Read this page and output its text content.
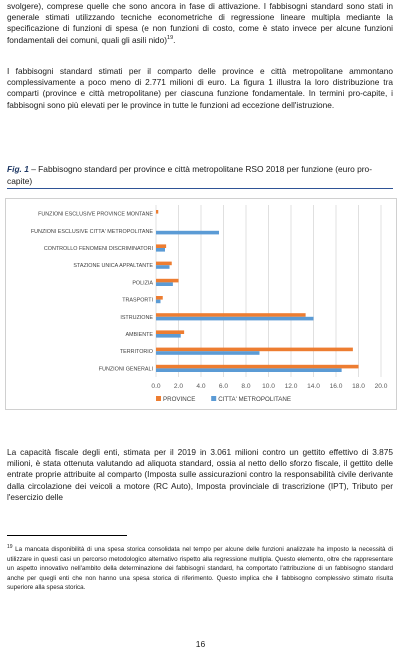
svolgere), comprese quelle che sono ancora in fase di attivazione. I fabbisogni standard sono stati in generale stimati utilizzando tecniche econometriche di regressione lineare multipla mediante la specificazione di funzioni di spesa (e non funzioni di costo, come è stato invece per alcune funzioni fondamentali dei comuni, quali gli asili nido)$^{19}$.

I fabbisogni standard stimati per il comparto delle province e città metropolitane ammontano complessivamente a poco meno di 2.771 milioni di euro. La figura 1 illustra la loro distribuzione tra comparti (province e città metropolitane) per ciascuna funzione fondamentale. In termini pro-capite, i fabbisogni sono più elevati per le province in tutte le funzioni ad eccezione dell'istruzione.

Fig. 1 – Fabbisogno standard per province e città metropolitane RSO 2018 per funzione (euro pro-capite)

0.0 2.0 4.0 6.0 8.0 10.0 12.0 14.0 16.0 18.0 20.0
FUNZIONI ESCLUSIVE PROVINCE MONTANE
FUNZIONI ESCLUSIVE CITTA' METROPOLITANE
CONTROLLO FENOMENI DISCRIMINATORI
STAZIONE UNICA APPALTANTE
POLIZIA
TRASPORTI
ISTRUZIONE
AMBIENTE
TERRITORIO
FUNZIONI GENERALI
PROVINCE	CITTA' METROPOLITANE

La capacità fiscale degli enti, stimata per il 2019 in 3.061 milioni contro un gettito effettivo di 3.875 milioni, è stata ottenuta valutando ad aliquota standard, ossia al netto dello sforzo fiscale, il gettito delle entrate proprie attribuite al comparto (Imposta sulle assicurazioni contro la responsabilità civile derivante dalla circolazione dei veicoli a motore (RC Auto), Imposta provinciale di trascrizione (IPT), Tributo per l'esercizio delle

$^{19}$ La mancata disponibilità di una spesa storica consolidata nel tempo per alcune delle funzioni analizzate ha imposto la necessità di utilizzare in questi casi un percorso metodologico alternativo rispetto alla regressione multipla. Questo elemento, oltre che rappresentare un aspetto innovativo nell'ambito della determinazione dei fabbisogni standard, ha comportato l'attribuzione di un fabbisogno standard anche per quegli enti che non hanno una spesa storica di riferimento. Questo implica che il fabbisogno complessivo stimato risulta superiore alla spesa storica.

16
